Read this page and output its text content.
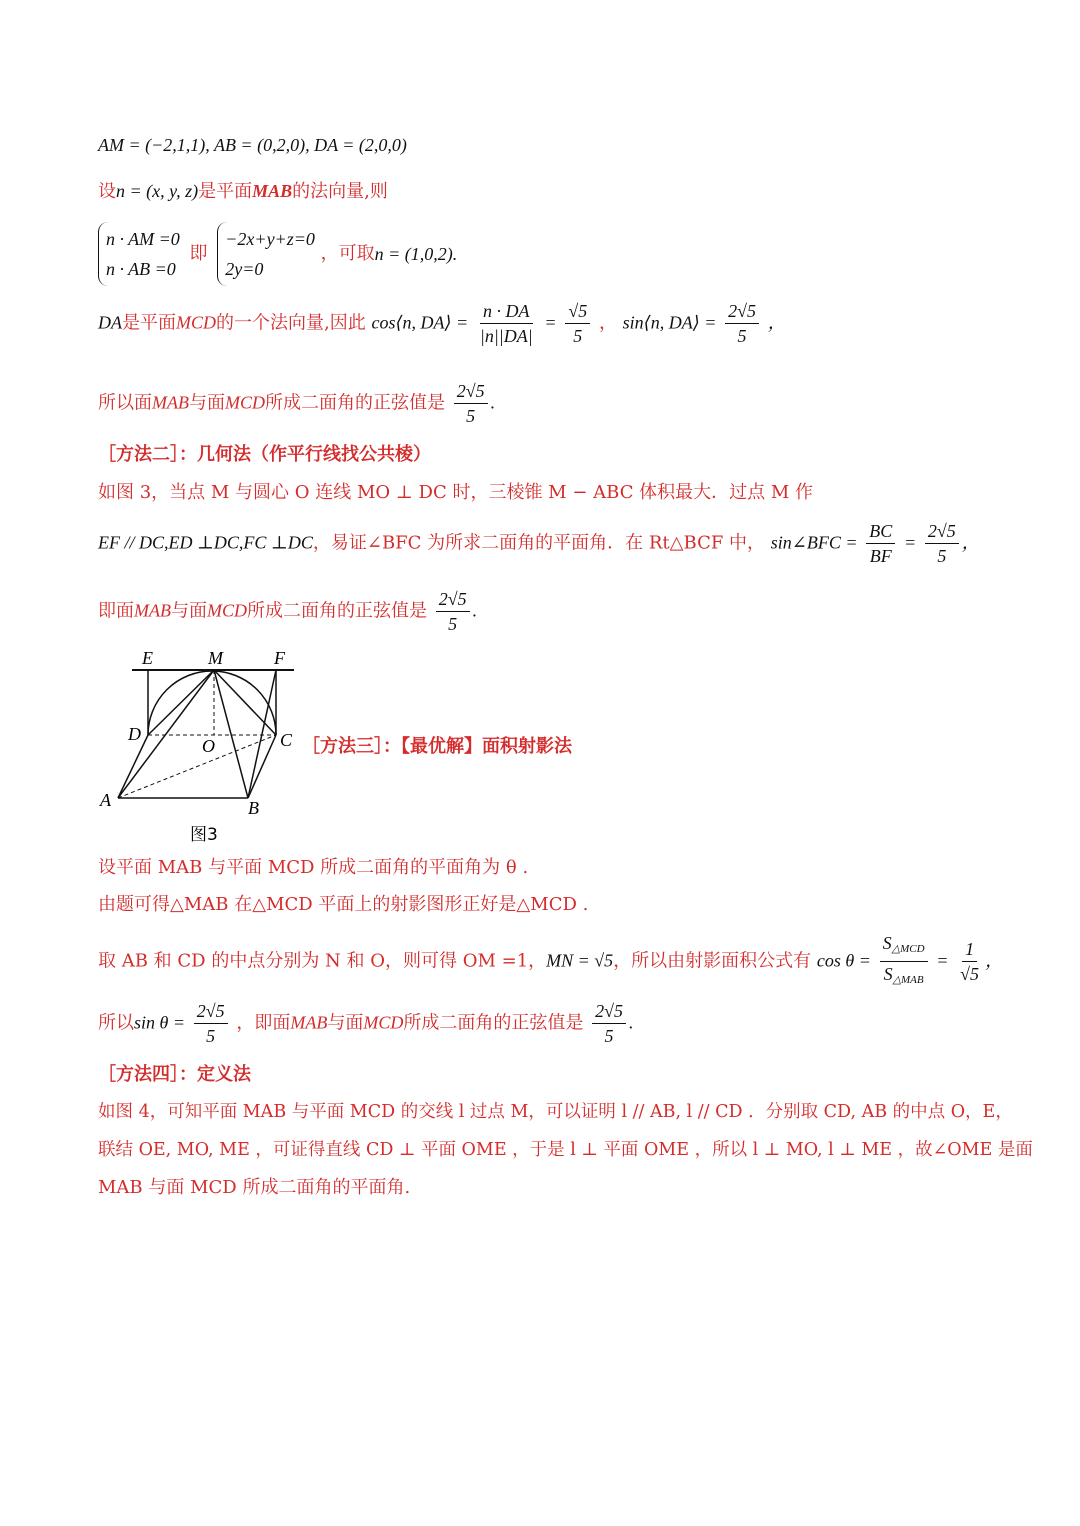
AM = (−2,1,1), AB = (0,2,0), DA = (2,0,0)
设n = (x, y, z)是平面MAB的法向量,则
n · AM =0
n · AB =0
即
−2x+y+z=0
2y=0
，可取n = (1,0,2).
DA是平面MCD的一个法向量,因此 cos⟨n, DA⟩ = $\frac{n \cdot DA}{|n||DA|} = \frac{√5}{5}$ ， sin⟨n, DA⟩ = $\frac{2√5}{5}$ ，
所以面MAB与面MCD所成二面角的正弦值是 $\frac{2√5}{5}$ .
［方法二］：几何法（作平行线找公共棱）
如图 3，当点 M 与圆心 O 连线 MO ⊥ DC 时，三棱锥 M − ABC 体积最大．过点 M 作
EF // DC,ED ⊥DC,FC ⊥DC，易证∠BFC 为所求二面角的平面角．在 Rt△BCF 中， sin∠BFC = $\frac{BC}{BF} = \frac{2√5}{5}$ ，
即面MAB与面MCD所成二面角的正弦值是 $\frac{2√5}{5}$ .
E	M	F
D
O	C
A	B
图3
［方法三］：【最优解】面积射影法
设平面 MAB 与平面 MCD 所成二面角的平面角为 θ .
由题可得△MAB 在△MCD 平面上的射影图形正好是△MCD .
取 AB 和 CD 的中点分别为 N 和 O，则可得 OM =1，MN = √5，所以由射影面积公式有 $\cos \theta = \frac{S_{\triangle MCD}}{S_{\triangle MAB}} = \frac{1}{√5}$ ，
所以$\sin \theta = \frac{2√5}{5}$ ，即面MAB与面MCD所成二面角的正弦值是 $\frac{2√5}{5}$ .
［方法四］：定义法
如图 4，可知平面 MAB 与平面 MCD 的交线 l 过点 M，可以证明 l // AB, l // CD ．分别取 CD, AB 的中点 O，E，
联结 OE, MO, ME ，可证得直线 CD ⊥ 平面 OME ，于是 l ⊥ 平面 OME ，所以 l ⊥ MO, l ⊥ ME ，故∠OME 是面
MAB 与面 MCD 所成二面角的平面角.
